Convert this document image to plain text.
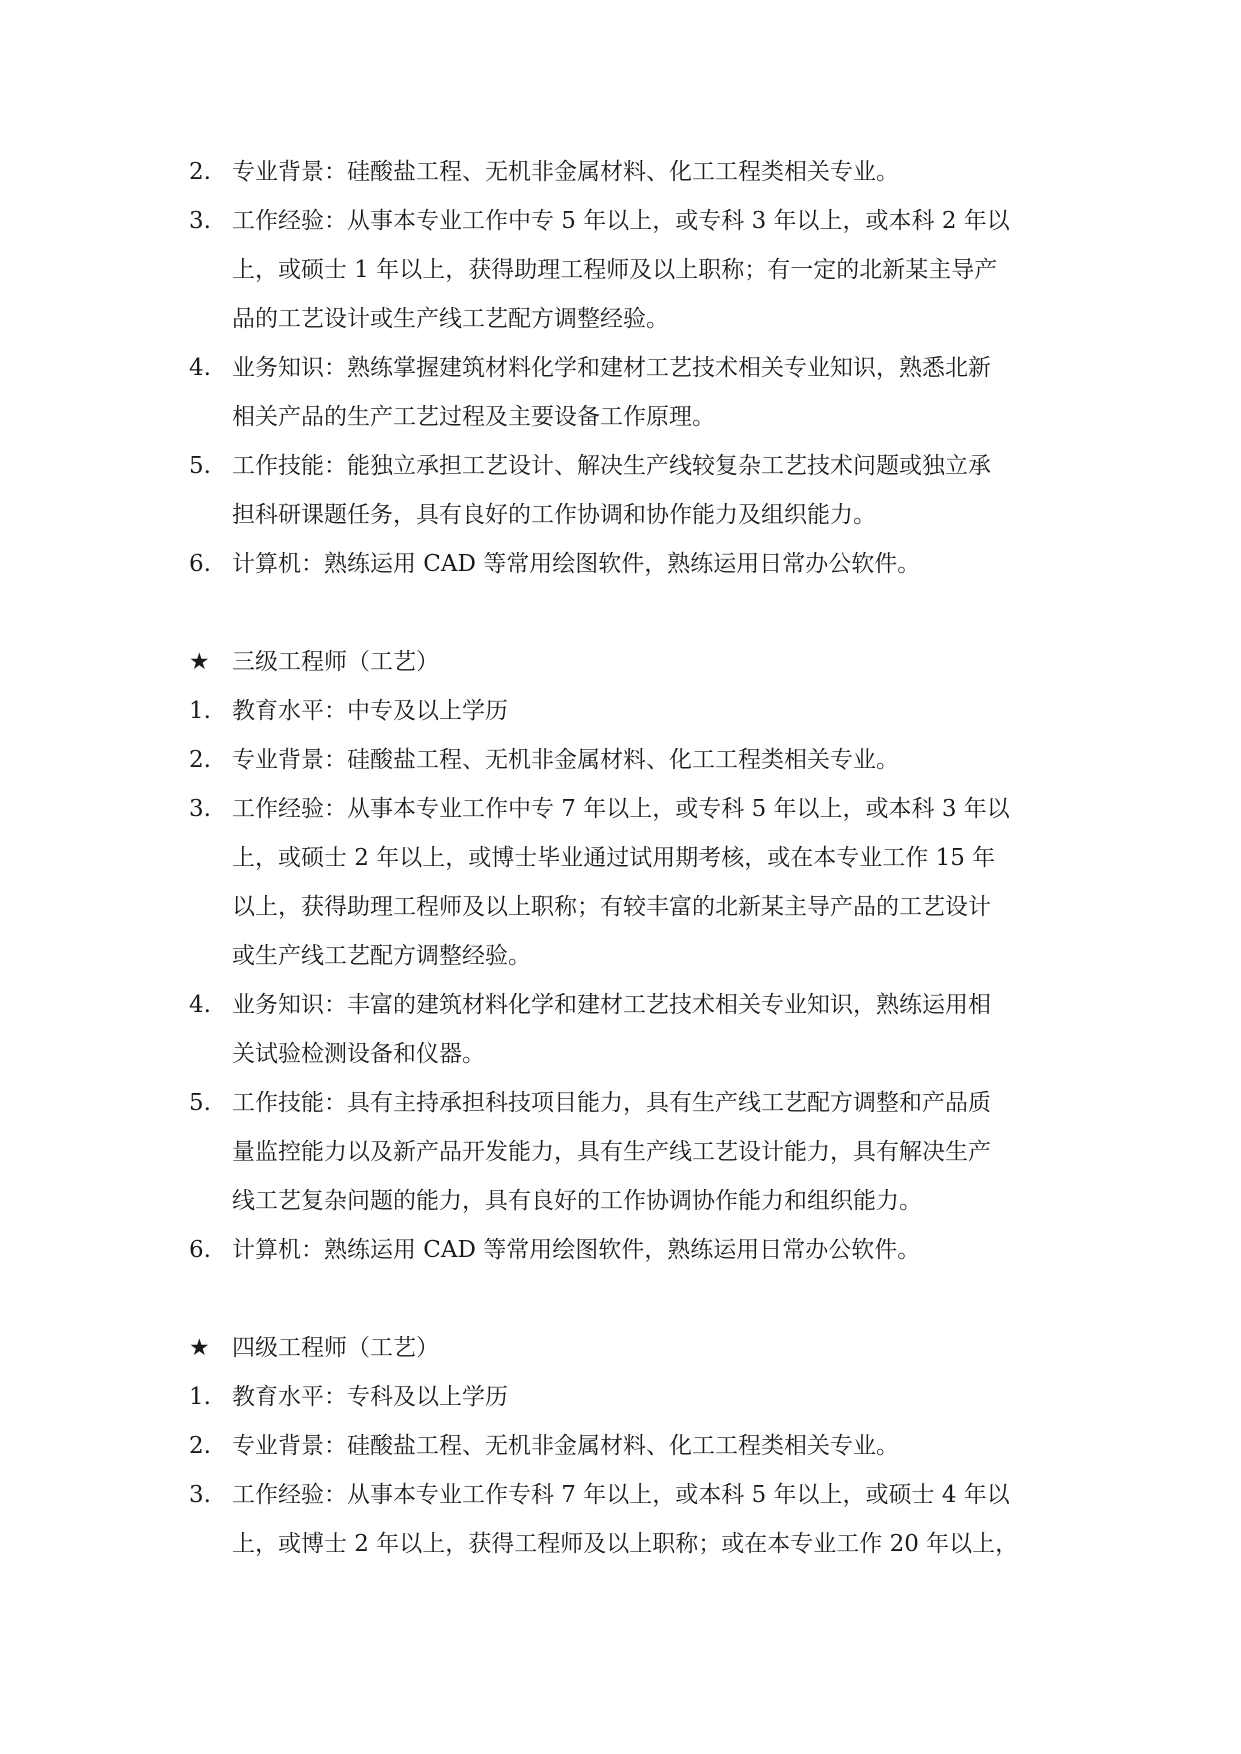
2. 专业背景：硅酸盐工程、无机非金属材料、化工工程类相关专业。
3. 工作经验：从事本专业工作中专 5 年以上，或专科 3 年以上，或本科 2 年以
上，或硕士 1 年以上，获得助理工程师及以上职称；有一定的北新某主导产
品的工艺设计或生产线工艺配方调整经验。
4. 业务知识：熟练掌握建筑材料化学和建材工艺技术相关专业知识，熟悉北新
相关产品的生产工艺过程及主要设备工作原理。
5. 工作技能：能独立承担工艺设计、解决生产线较复杂工艺技术问题或独立承
担科研课题任务，具有良好的工作协调和协作能力及组织能力。
6. 计算机：熟练运用 CAD 等常用绘图软件，熟练运用日常办公软件。
★ 三级工程师（工艺）
1. 教育水平：中专及以上学历
2. 专业背景：硅酸盐工程、无机非金属材料、化工工程类相关专业。
3. 工作经验：从事本专业工作中专 7 年以上，或专科 5 年以上，或本科 3 年以
上，或硕士 2 年以上，或博士毕业通过试用期考核，或在本专业工作 15 年
以上，获得助理工程师及以上职称；有较丰富的北新某主导产品的工艺设计
或生产线工艺配方调整经验。
4. 业务知识：丰富的建筑材料化学和建材工艺技术相关专业知识，熟练运用相
关试验检测设备和仪器。
5. 工作技能：具有主持承担科技项目能力，具有生产线工艺配方调整和产品质
量监控能力以及新产品开发能力，具有生产线工艺设计能力，具有解决生产
线工艺复杂问题的能力，具有良好的工作协调协作能力和组织能力。
6. 计算机：熟练运用 CAD 等常用绘图软件，熟练运用日常办公软件。
★ 四级工程师（工艺）
1. 教育水平：专科及以上学历
2. 专业背景：硅酸盐工程、无机非金属材料、化工工程类相关专业。
3. 工作经验：从事本专业工作专科 7 年以上，或本科 5 年以上，或硕士 4 年以
上，或博士 2 年以上，获得工程师及以上职称；或在本专业工作 20 年以上，
